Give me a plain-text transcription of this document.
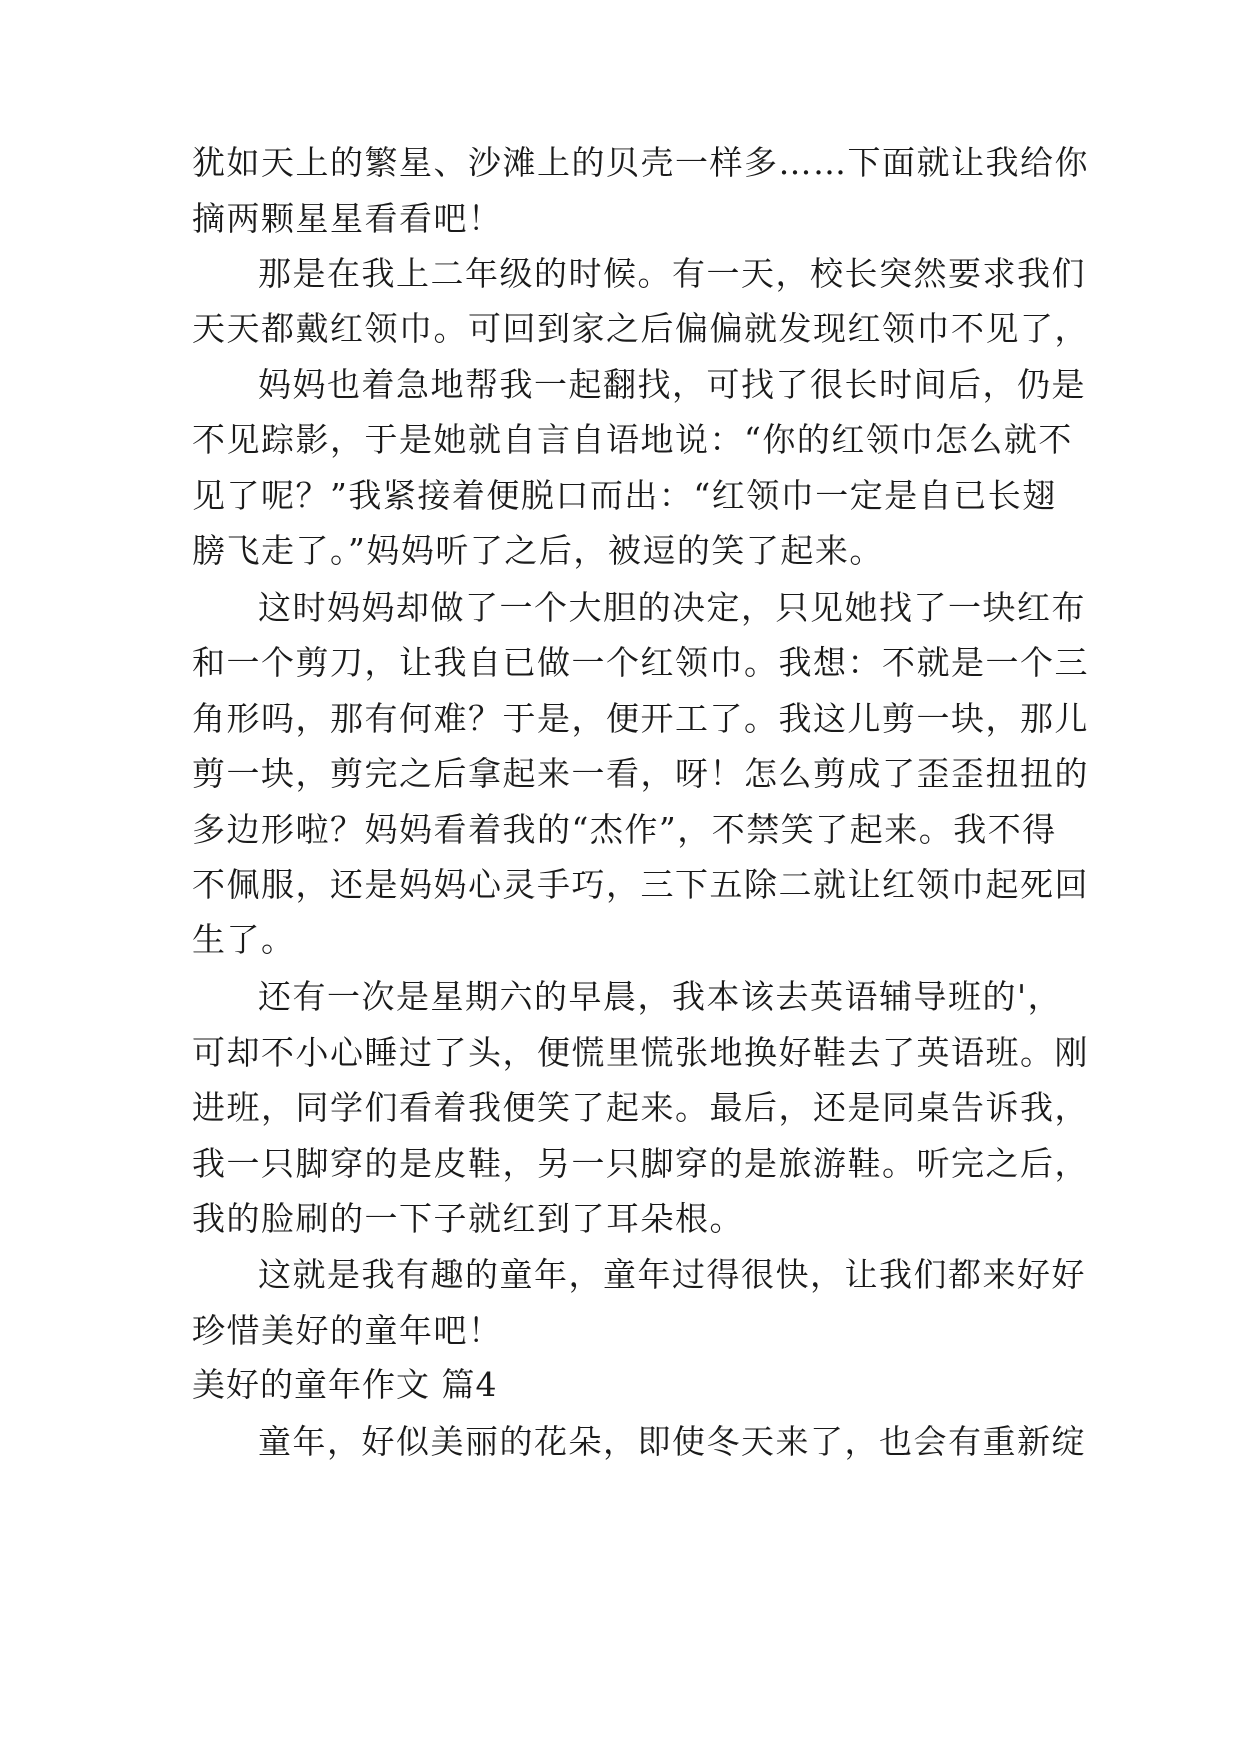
犹如天上的繁星、沙滩上的贝壳一样多……下面就让我给你
摘两颗星星看看吧！
那是在我上二年级的时候。有一天，校长突然要求我们
天天都戴红领巾。可回到家之后偏偏就发现红领巾不见了，
妈妈也着急地帮我一起翻找，可找了很长时间后，仍是
不见踪影，于是她就自言自语地说：“你的红领巾怎么就不
见了呢？”我紧接着便脱口而出：“红领巾一定是自已长翅
膀飞走了。”妈妈听了之后，被逗的笑了起来。
这时妈妈却做了一个大胆的决定，只见她找了一块红布
和一个剪刀，让我自已做一个红领巾。我想：不就是一个三
角形吗，那有何难？于是，便开工了。我这儿剪一块，那儿
剪一块，剪完之后拿起来一看，呀！怎么剪成了歪歪扭扭的
多边形啦？妈妈看着我的“杰作”，不禁笑了起来。我不得
不佩服，还是妈妈心灵手巧，三下五除二就让红领巾起死回
生了。
还有一次是星期六的早晨，我本该去英语辅导班的'，
可却不小心睡过了头，便慌里慌张地换好鞋去了英语班。刚
进班，同学们看着我便笑了起来。最后，还是同桌告诉我，
我一只脚穿的是皮鞋，另一只脚穿的是旅游鞋。听完之后，
我的脸刷的一下子就红到了耳朵根。
这就是我有趣的童年，童年过得很快，让我们都来好好
珍惜美好的童年吧！
美好的童年作文 篇4
童年，好似美丽的花朵，即使冬天来了，也会有重新绽
